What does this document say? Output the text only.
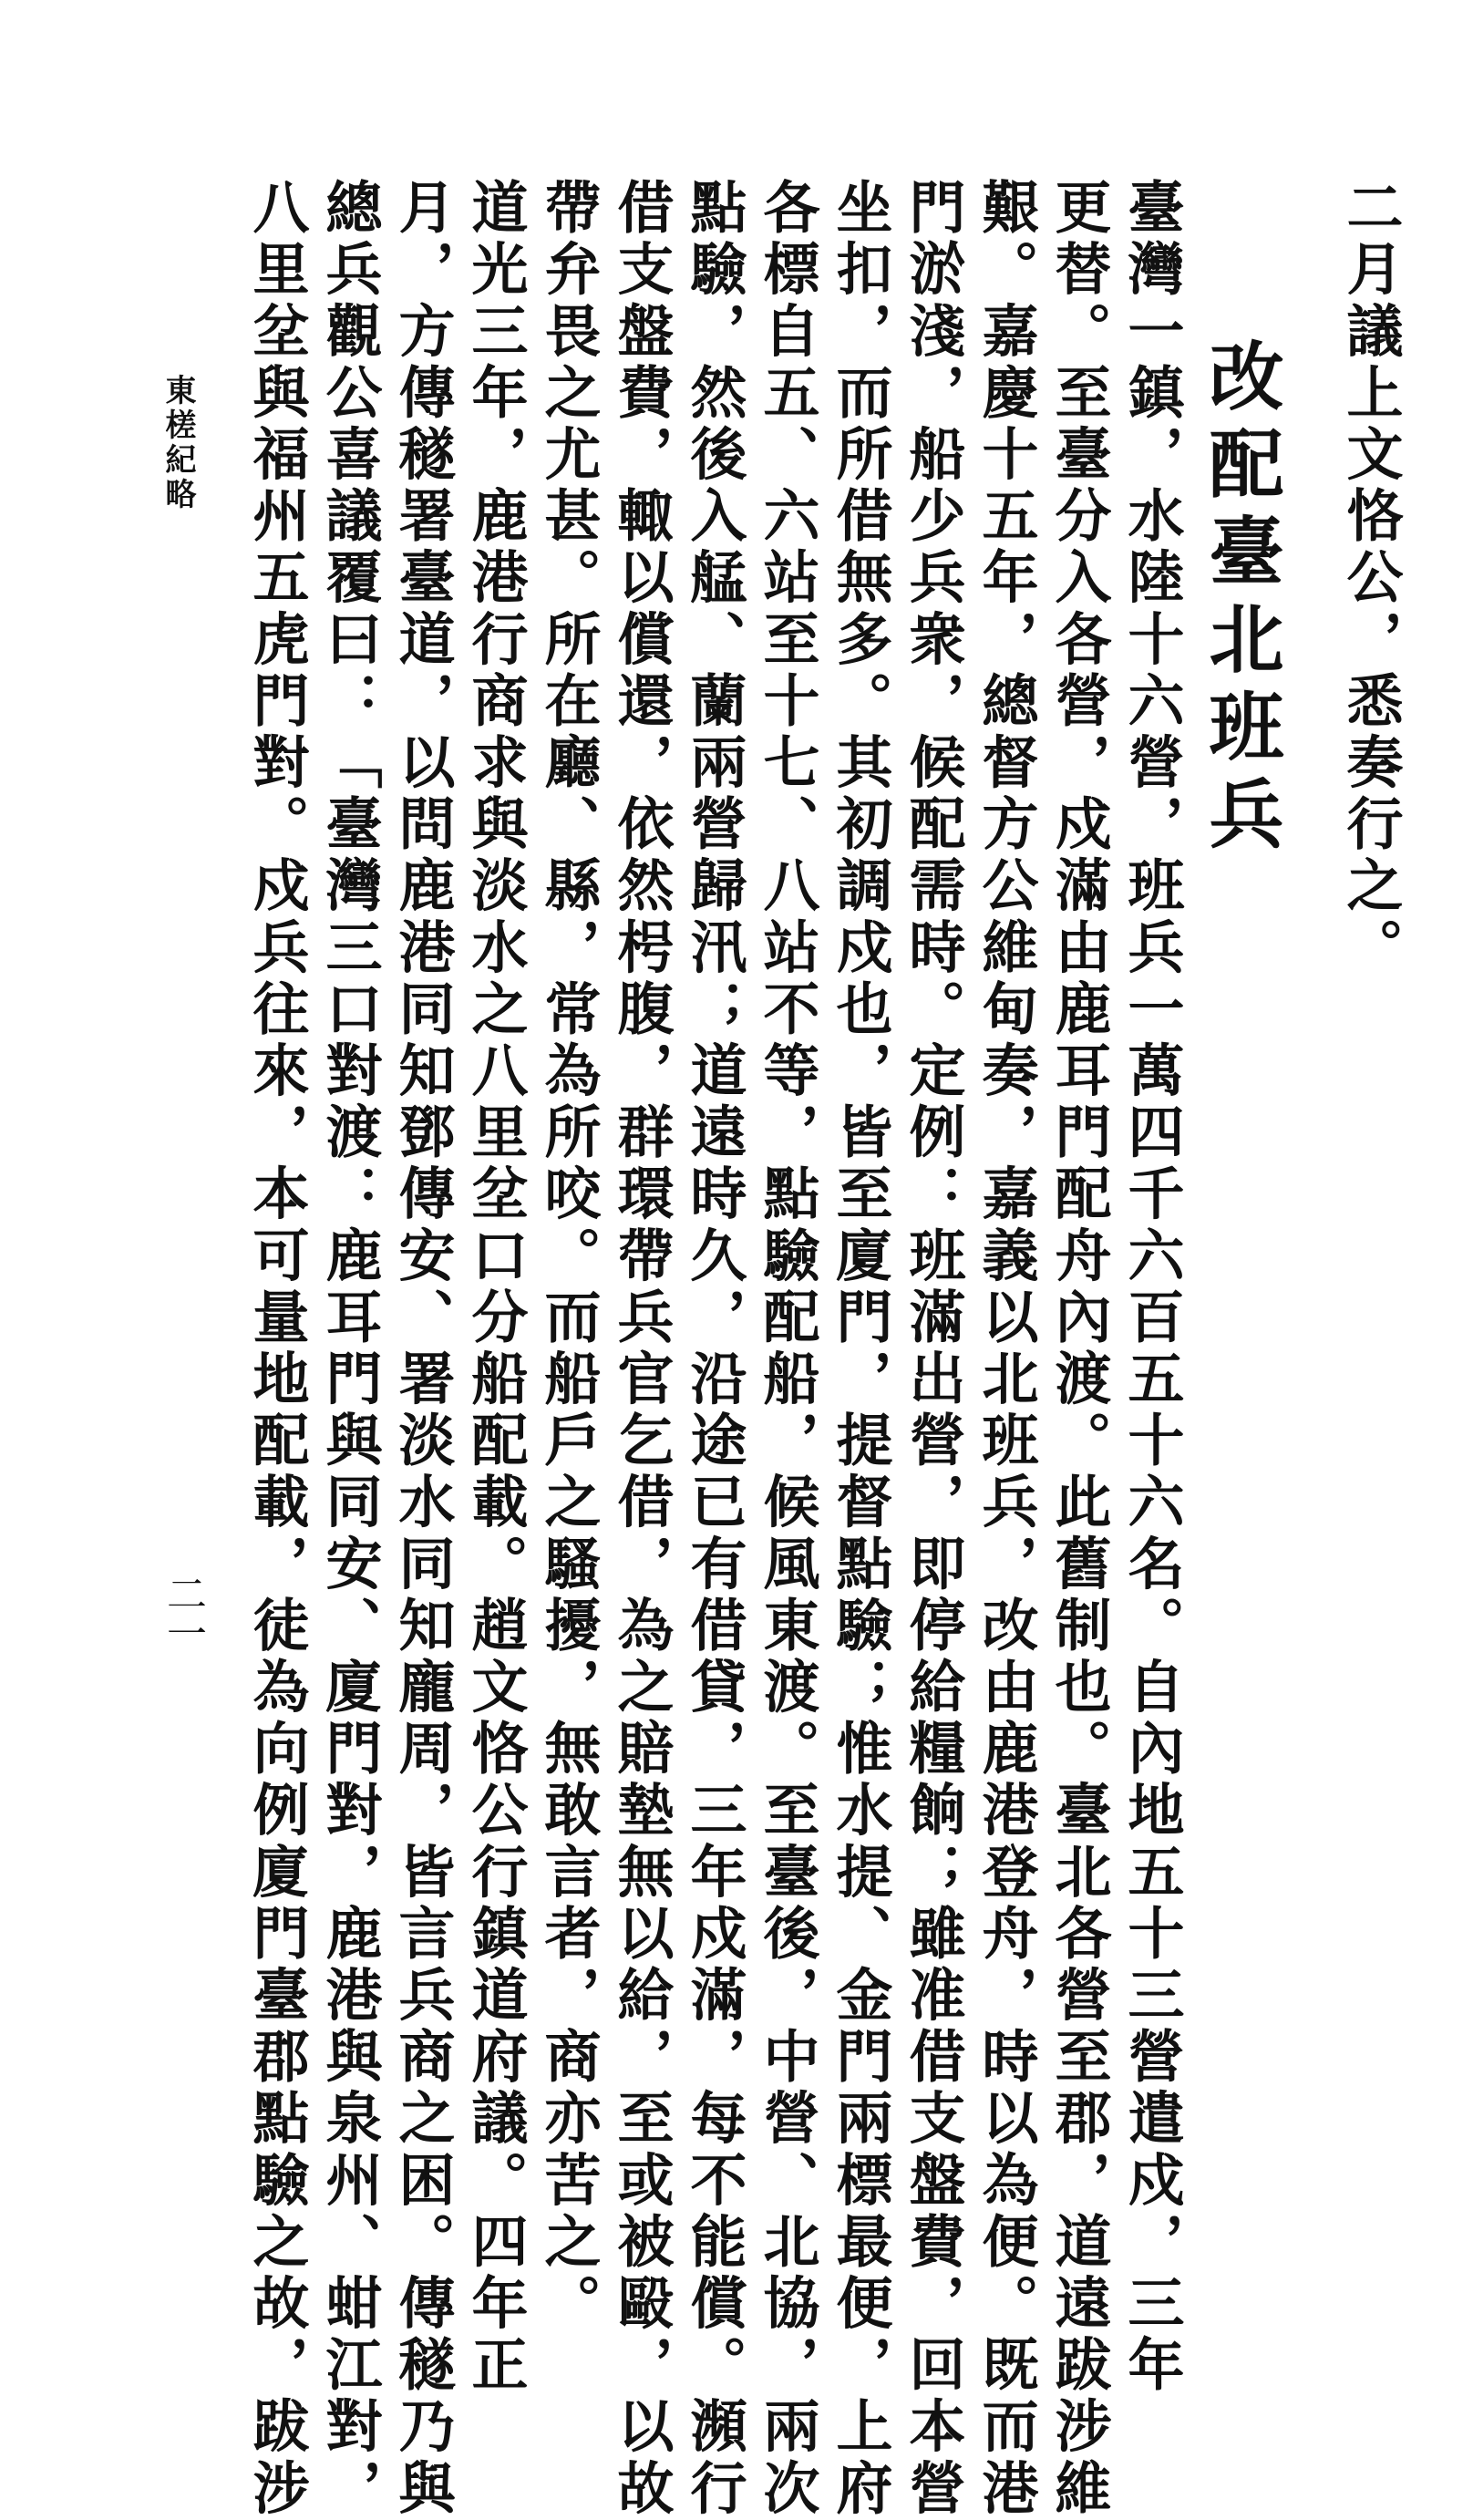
二月議上文恪公，悉奏行之。
改配臺北班兵
臺灣一鎮，水陸十六營，班兵一萬四千六百五十六名。自內地五十三營遣戍，三年
更替。至臺分入各營，戍滿由鹿耳門配舟內渡。此舊制也。臺北各營至郡，道遠跋涉維
艱。嘉慶十五年，總督方公維甸奏，嘉義以北班兵，改由鹿港登舟，時以為便。既而港
門淤淺，船少兵衆，候配需時。定例：班滿出營，即停給糧餉；雖准借支盤費，回本營
坐扣，而所借無多。其初調戍也，皆至廈門，提督點驗；惟水提、金門兩標最便，上府
各標自五、六站至十七、八站不等，點驗配船，候風東渡。至臺後，中營、北協，兩次
點驗，然後入艋、蘭兩營歸汛；道遠時久，沿途已有借貸，三年戍滿，每不能償。瀕行
借支盤費，輙以償還，依然枵腹，群環帶兵官乞借，為之賠墊無以給，至或被毆，以故
帶弁畏之尤甚。所在廳、縣，常為所咬。而船戶之騷擾，無敢言者，商亦苦之。
道光三年，鹿港行商求與淡水之八里坌口分船配載。趙文恪公行鎮道府議。四年正
月，方傳穟署臺道，以問鹿港同知鄧傳安、署淡水同知龐周，皆言兵商之困。傳穟乃與
總兵觀公喜議覆曰：「臺灣三口對渡：鹿耳門與同安、廈門對，鹿港與泉州、蚶江對，
八里坌與福州五虎門對。戍兵往來，本可量地配載，徒為向例廈門臺郡點驗之故，跋涉
東槎紀略
二一
